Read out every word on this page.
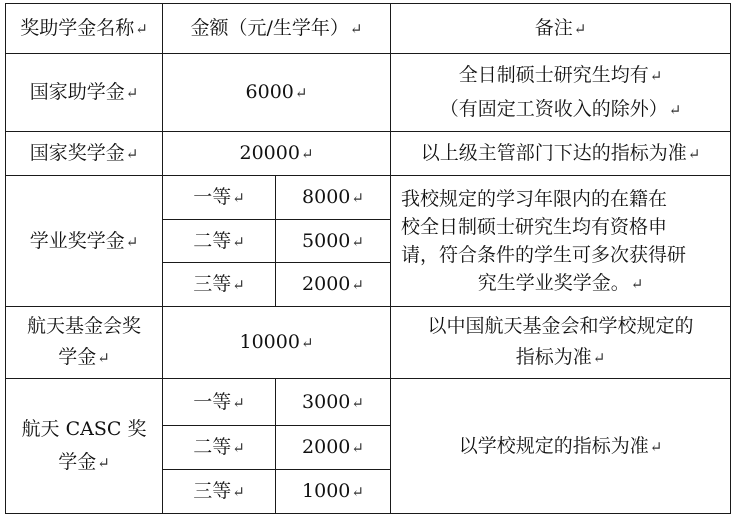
奖助学金名称↵	金额（元/生学年）↵		备注↵
国家助学金↵	6000↵		全日制硕士研究生均有↵
（有固定工资收入的除外）↵

国家奖学金↵	20000↵		以上级主管部门下达的指标为准↵
学业奖学金↵	一等↵	8000↵	我校规定的学习年限内的在籍在
校全日制硕士研究生均有资格申
请，符合条件的学生可多次获得研
究生学业奖学金。↵

	二等↵	5000↵	
	三等↵	2000↵	

航天基金会奖
学金↵	10000↵		以中国航天基金会和学校规定的
指标为准↵

航天 CASC 奖
学金↵	一等↵	3000↵	以学校规定的指标为准↵
	二等↵	2000↵	
	三等↵	1000↵	
